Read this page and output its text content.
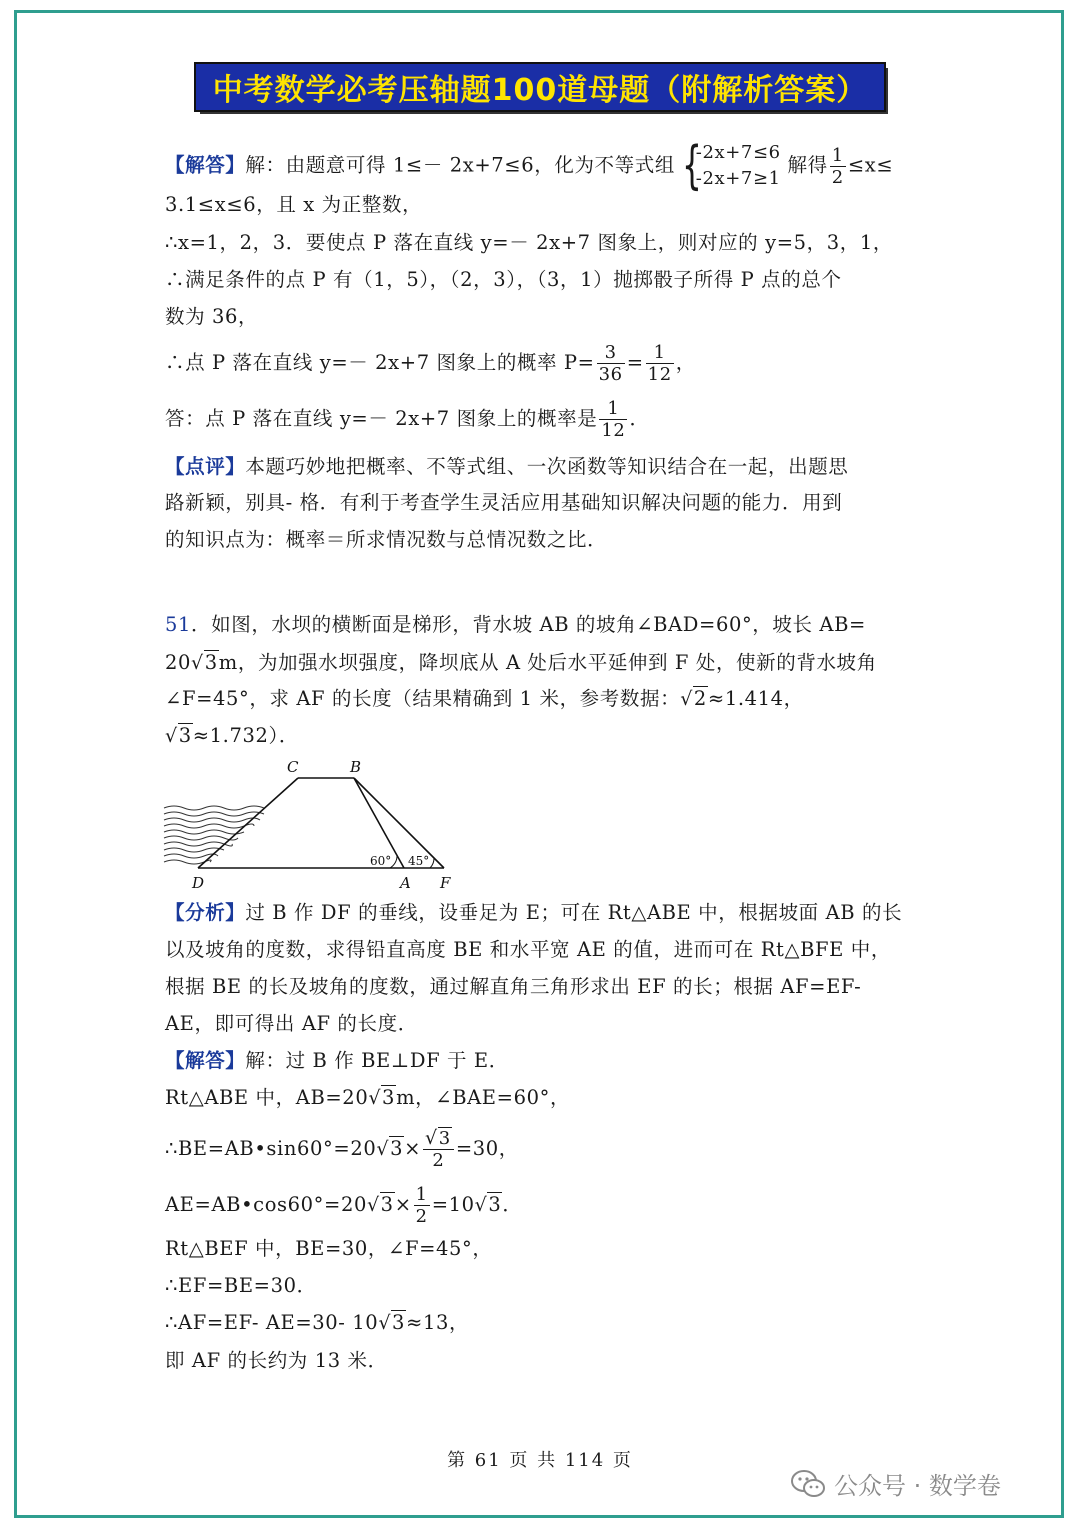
中考数学必考压轴题100道母题（附解析答案）
【解答】解：由题意可得 1≤－ 2x+7≤6，化为不等式组 {
-2x+7≤6
-2x+7≥1
解得 $\frac{1}{2} \le x\le$
3.1≤x≤6，且 x 为正整数，
∴x=1，2，3．要使点 P 落在直线 y=－ 2x+7 图象上，则对应的 y=5，3，1，
∴满足条件的点 P 有（1，5），（2，3），（3，1）抛掷骰子所得 P 点的总个
数为 36，
∴点 P 落在直线 y=－ 2x+7 图象上的概率 $P= \frac{3}{36} = \frac{1}{12}$ ，
答：点 P 落在直线 y=－ 2x+7 图象上的概率是 $\frac{1}{12}$ ．
【点评】本题巧妙地把概率、不等式组、一次函数等知识结合在一起，出题思
路新颖，别具- 格．有利于考查学生灵活应用基础知识解决问题的能力．用到
的知识点为：概率＝所求情况数与总情况数之比．
51．如图，水坝的横断面是梯形，背水坡 AB 的坡角∠BAD=60°，坡长 AB=
20√3m，为加强水坝强度，降坝底从 A 处后水平延伸到 F 处，使新的背水坡角
∠F=45°，求 AF 的长度（结果精确到 1 米，参考数据：√2≈1.414，
√3≈1.732）．
C	B
D	A F
60° 45°
【分析】过 B 作 DF 的垂线，设垂足为 E；可在 Rt△ABE 中，根据坡面 AB 的长
以及坡角的度数，求得铅直高度 BE 和水平宽 AE 的值，进而可在 Rt△BFE 中，
根据 BE 的长及坡角的度数，通过解直角三角形求出 EF 的长；根据 AF=EF-
AE，即可得出 AF 的长度．
【解答】解：过 B 作 BE⊥DF 于 E．
Rt△ABE 中，AB=20√3m，∠BAE=60°，
∴BE=AB•sin60°=20√3× $\frac{√3}{2} =30$，
AE=AB•cos60°=20√3× $\frac{1}{2} =10√3$．
Rt△BEF 中，BE=30，∠F=45°，
∴EF=BE=30．
∴AF=EF- AE=30- 10√3≈13，
即 AF 的长约为 13 米．
第 61 页 共 114 页
公众号 · 数学卷
